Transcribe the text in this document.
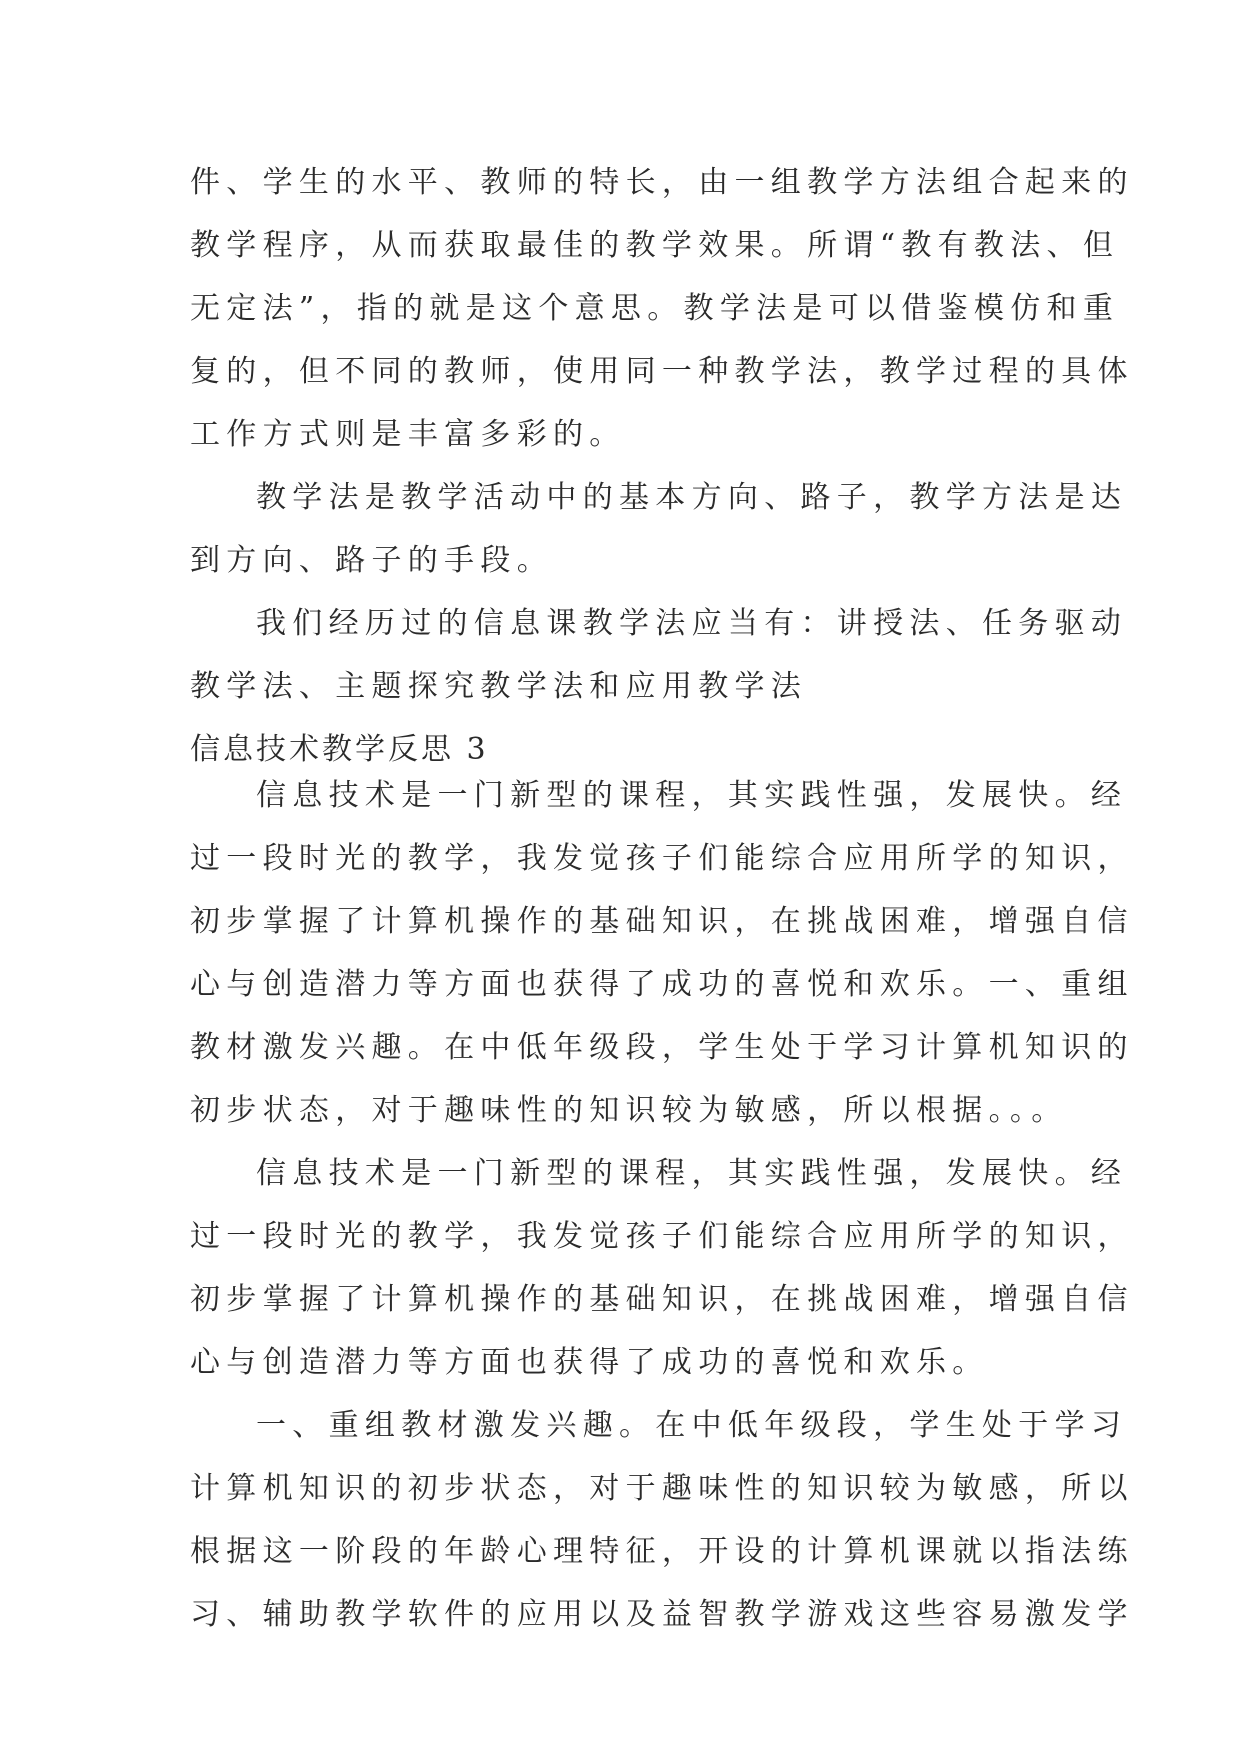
件、学生的水平、教师的特长，由一组教学方法组合起来的
教学程序，从而获取最佳的教学效果。所谓“教有教法、但
无定法”，指的就是这个意思。教学法是可以借鉴模仿和重
复的，但不同的教师，使用同一种教学法，教学过程的具体
工作方式则是丰富多彩的。
教学法是教学活动中的基本方向、路子，教学方法是达
到方向、路子的手段。
我们经历过的信息课教学法应当有：讲授法、任务驱动
教学法、主题探究教学法和应用教学法
信息技术教学反思 3
信息技术是一门新型的课程，其实践性强，发展快。经
过一段时光的教学，我发觉孩子们能综合应用所学的知识，
初步掌握了计算机操作的基础知识，在挑战困难，增强自信
心与创造潜力等方面也获得了成功的喜悦和欢乐。一、重组
教材激发兴趣。在中低年级段，学生处于学习计算机知识的
初步状态，对于趣味性的知识较为敏感，所以根据。。。
信息技术是一门新型的课程，其实践性强，发展快。经
过一段时光的教学，我发觉孩子们能综合应用所学的知识，
初步掌握了计算机操作的基础知识，在挑战困难，增强自信
心与创造潜力等方面也获得了成功的喜悦和欢乐。
一、重组教材激发兴趣。在中低年级段，学生处于学习
计算机知识的初步状态，对于趣味性的知识较为敏感，所以
根据这一阶段的年龄心理特征，开设的计算机课就以指法练
习、辅助教学软件的应用以及益智教学游戏这些容易激发学
